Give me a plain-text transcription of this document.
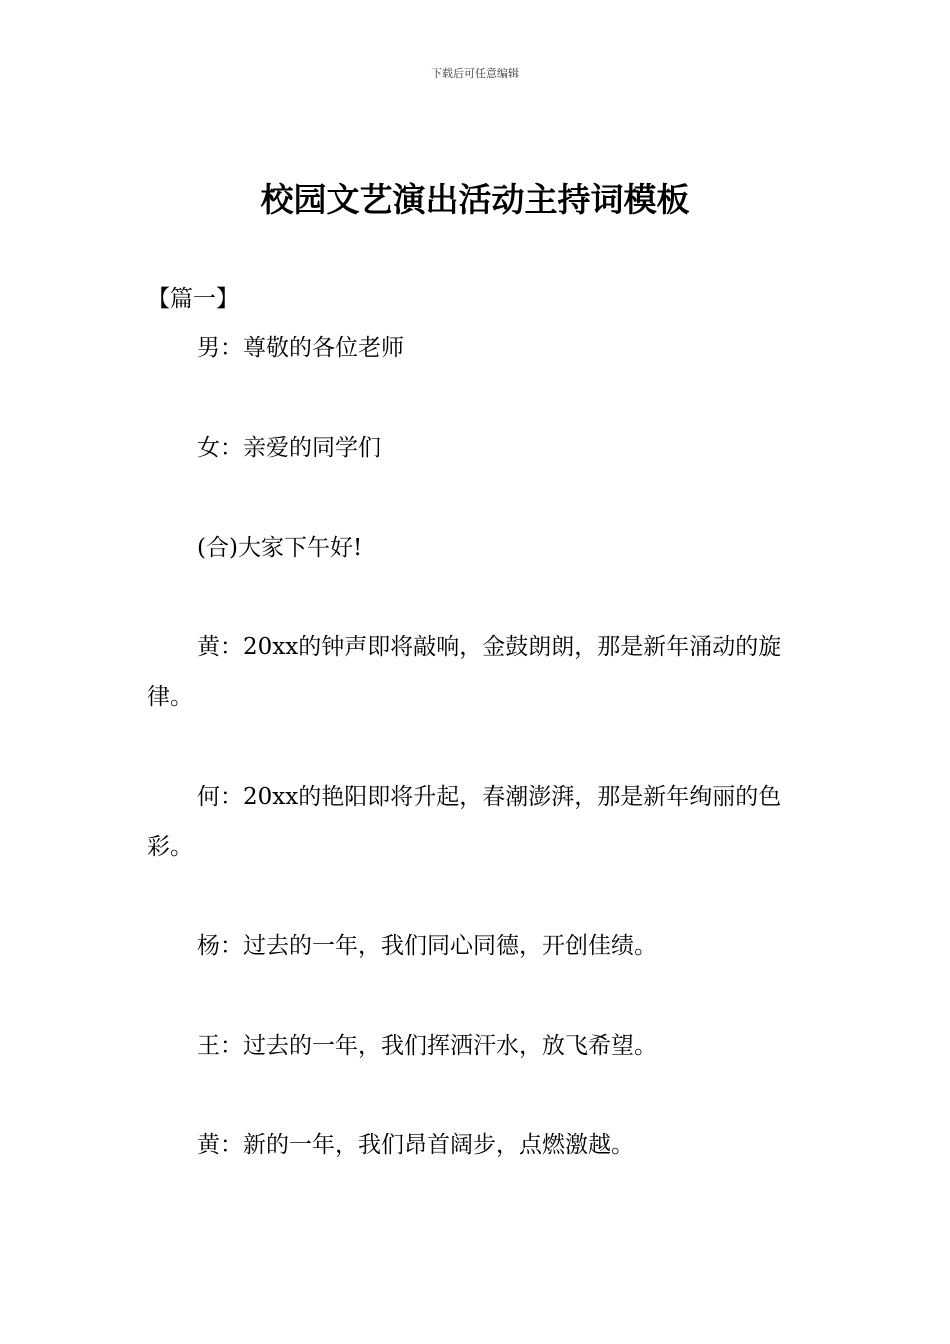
下载后可任意编辑
校园文艺演出活动主持词模板
【篇一】

男：尊敬的各位老师

女：亲爱的同学们

(合)大家下午好!

黄：20xx的钟声即将敲响，金鼓朗朗，那是新年涌动的旋律。

何：20xx的艳阳即将升起，春潮澎湃，那是新年绚丽的色彩。

杨：过去的一年，我们同心同德，开创佳绩。

王：过去的一年，我们挥洒汗水，放飞希望。

黄：新的一年，我们昂首阔步，点燃激越。
